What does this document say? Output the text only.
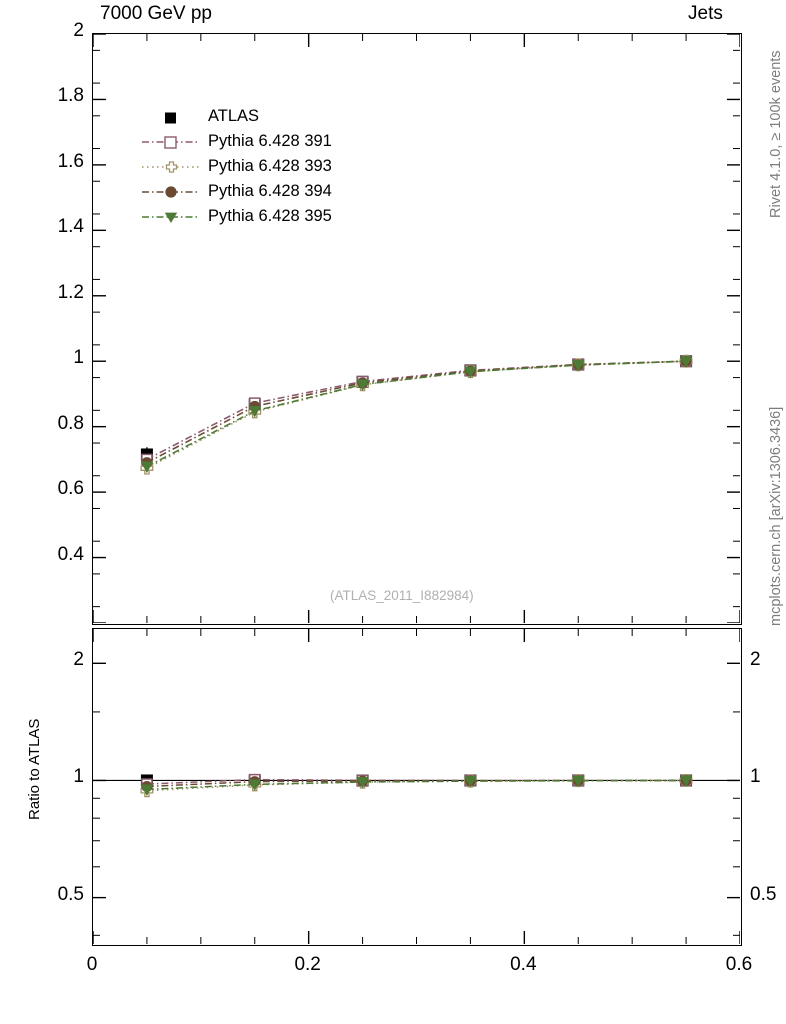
7000 GeV pp	Jets
Rivet 4.1.0, ≥ 100k events
mcplots.cern.ch [arXiv:1306.3436]
0.4
0.6
0.8
1
1.2
1.4
1.6
1.8
2
(ATLAS_2011_I882984)
ATLAS
Pythia 6.428 391
Pythia 6.428 393
Pythia 6.428 394
Pythia 6.428 395
0.5
1
2
0.5
1
2
0	0.2	0.4	0.6
Ratio to ATLAS
